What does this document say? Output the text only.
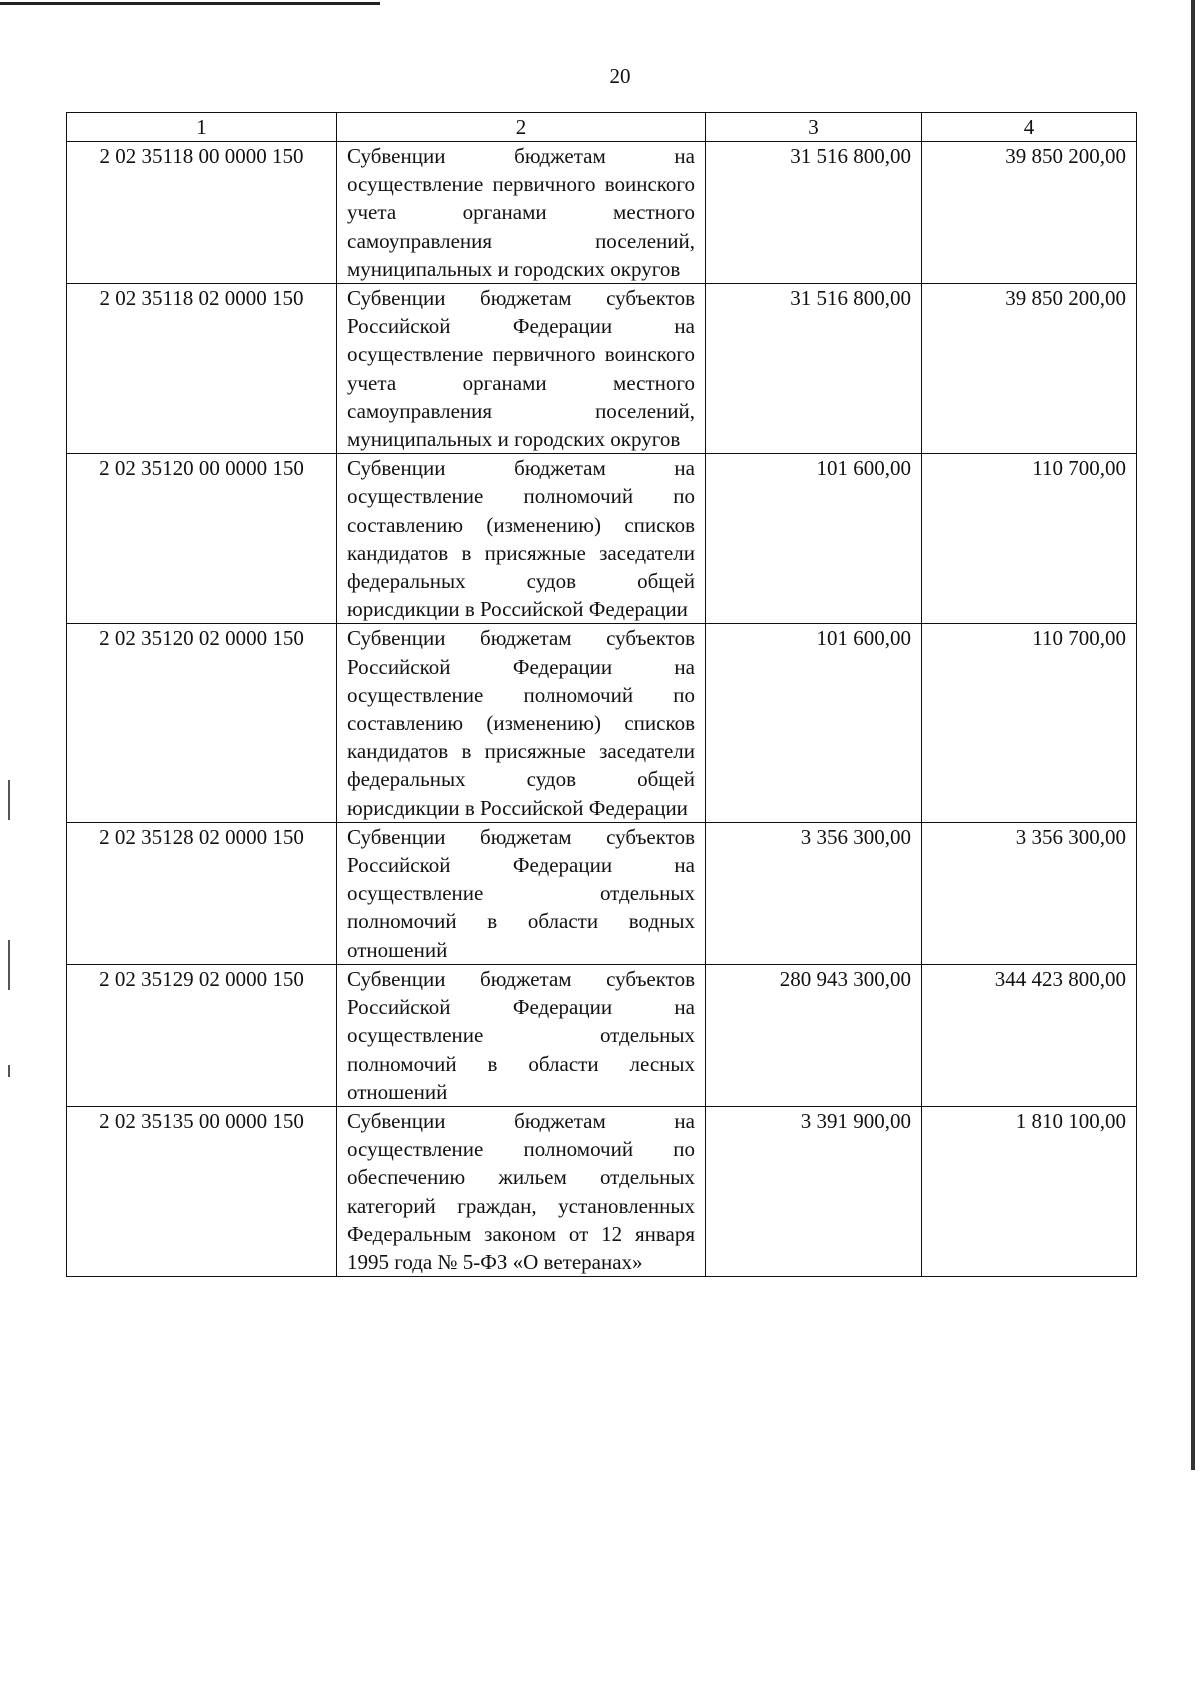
20
1	2	3	4
2 02 35118 00 0000 150	Субвенции бюджетам на осуществление первичного воинского учета органами местного самоуправления поселений, муниципальных и городских округов	31 516 800,00	39 850 200,00
2 02 35118 02 0000 150	Субвенции бюджетам субъектов Российской Федерации на осуществление первичного воинского учета органами местного самоуправления поселений, муниципальных и городских округов	31 516 800,00	39 850 200,00
2 02 35120 00 0000 150	Субвенции бюджетам на осуществление полномочий по составлению (изменению) списков кандидатов в присяжные заседатели федеральных судов общей юрисдикции в Российской Федерации	101 600,00	110 700,00
2 02 35120 02 0000 150	Субвенции бюджетам субъектов Российской Федерации на осуществление полномочий по составлению (изменению) списков кандидатов в присяжные заседатели федеральных судов общей юрисдикции в Российской Федерации	101 600,00	110 700,00
2 02 35128 02 0000 150	Субвенции бюджетам субъектов Российской Федерации на осуществление отдельных полномочий в области водных отношений	3 356 300,00	3 356 300,00
2 02 35129 02 0000 150	Субвенции бюджетам субъектов Российской Федерации на осуществление отдельных полномочий в области лесных отношений	280 943 300,00	344 423 800,00
2 02 35135 00 0000 150	Субвенции бюджетам на осуществление полномочий по обеспечению жильем отдельных категорий граждан, установленных Федеральным законом от 12 января 1995 года № 5-ФЗ «О ветеранах»	3 391 900,00	1 810 100,00
